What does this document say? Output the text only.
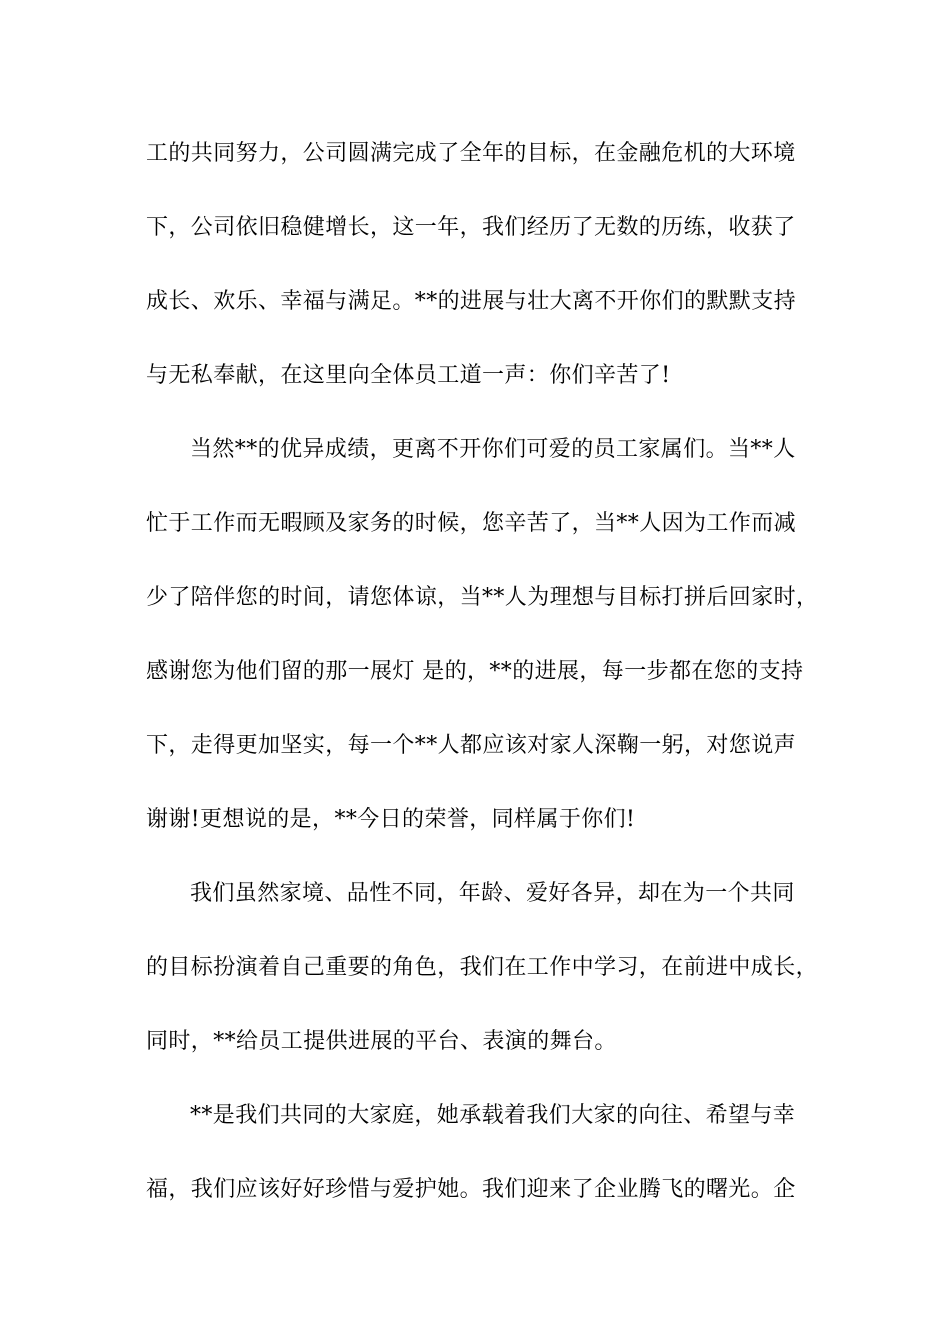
工的共同努力，公司圆满完成了全年的目标，在金融危机的大环境
下，公司依旧稳健增长，这一年，我们经历了无数的历练，收获了
成长、欢乐、幸福与满足。**的进展与壮大离不开你们的默默支持
与无私奉献，在这里向全体员工道一声：你们辛苦了!
当然**的优异成绩，更离不开你们可爱的员工家属们。当**人
忙于工作而无暇顾及家务的时候，您辛苦了，当**人因为工作而减
少了陪伴您的时间，请您体谅，当**人为理想与目标打拼后回家时，
感谢您为他们留的那一展灯 是的，**的进展，每一步都在您的支持
下，走得更加坚实，每一个**人都应该对家人深鞠一躬，对您说声
谢谢!更想说的是，**今日的荣誉，同样属于你们!
我们虽然家境、品性不同，年龄、爱好各异，却在为一个共同
的目标扮演着自己重要的角色，我们在工作中学习，在前进中成长，
同时，**给员工提供进展的平台、表演的舞台。
**是我们共同的大家庭，她承载着我们大家的向往、希望与幸
福，我们应该好好珍惜与爱护她。我们迎来了企业腾飞的曙光。企
